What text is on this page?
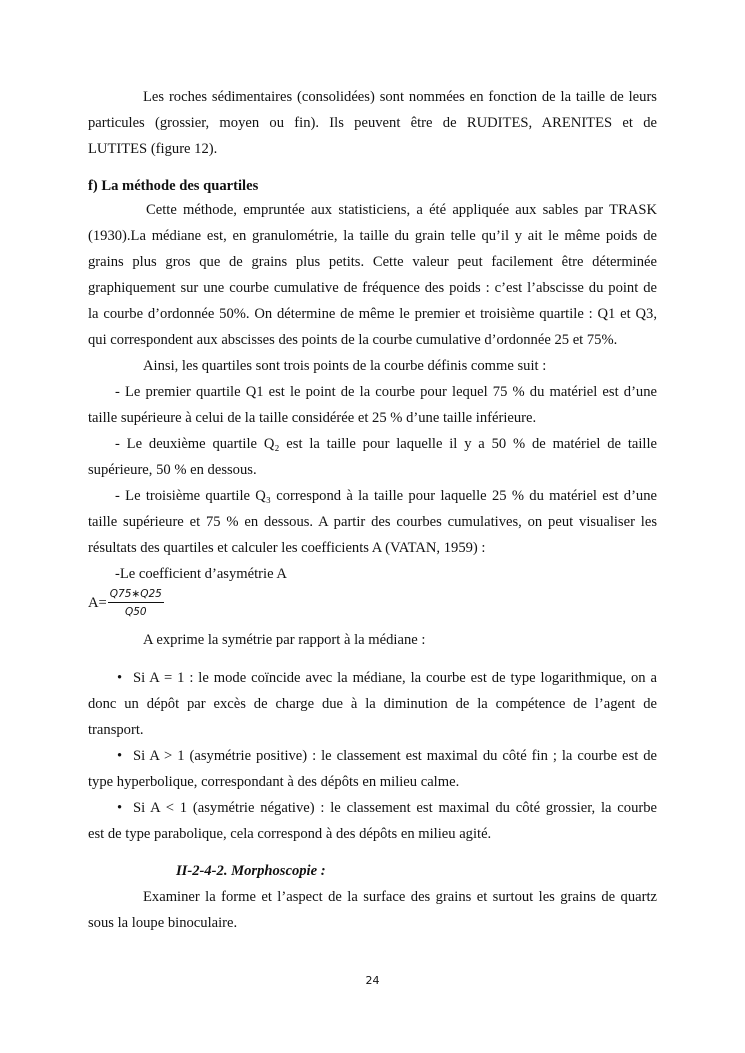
$A= \frac{Q75∗Q25}{Q50}$
24
Les roches sédimentaires (consolidées) sont nommées en fonction de la taille de leurs
particules (grossier, moyen ou fin). Ils peuvent être de RUDITES, ARENITES et de
LUTITES (figure 12).
f) La méthode des quartiles
Cette méthode, empruntée aux statisticiens, a été appliquée aux sables par TRASK
(1930).La médiane est, en granulométrie, la taille du grain telle qu’il y ait le même poids de
grains plus gros que de grains plus petits. Cette valeur peut facilement être déterminée
graphiquement sur une courbe cumulative de fréquence des poids : c’est l’abscisse du point de
la courbe d’ordonnée 50%. On détermine de même le premier et troisième quartile : Q1 et Q3,
qui correspondent aux abscisses des points de la courbe cumulative d’ordonnée 25 et 75%.
Ainsi, les quartiles sont trois points de la courbe définis comme suit :
- Le premier quartile Q1 est le point de la courbe pour lequel 75 % du matériel est d’une
taille supérieure à celui de la taille considérée et 25 % d’une taille inférieure.
- Le deuxième quartile Q₂ est la taille pour laquelle il y a 50 % de matériel de taille
supérieure, 50 % en dessous.
- Le troisième quartile Q₃ correspond à la taille pour laquelle 25 % du matériel est d’une
taille supérieure et 75 % en dessous. A partir des courbes cumulatives, on peut visualiser les
résultats des quartiles et calculer les coefficients A (VATAN, 1959) :
-Le coefficient d’asymétrie A
A exprime la symétrie par rapport à la médiane :
Si A = 1 : le mode coïncide avec la médiane, la courbe est de type logarithmique, on a
donc un dépôt par excès de charge due à la diminution de la compétence de l’agent de
transport.
•
Si A > 1 (asymétrie positive) : le classement est maximal du côté fin ; la courbe est de
type hyperbolique, correspondant à des dépôts en milieu calme.
•
Si A < 1 (asymétrie négative) : le classement est maximal du côté grossier, la courbe
est de type parabolique, cela correspond à des dépôts en milieu agité.
•
II-2-4-2. Morphoscopie :
Examiner la forme et l’aspect de la surface des grains et surtout les grains de quartz
sous la loupe binoculaire.
